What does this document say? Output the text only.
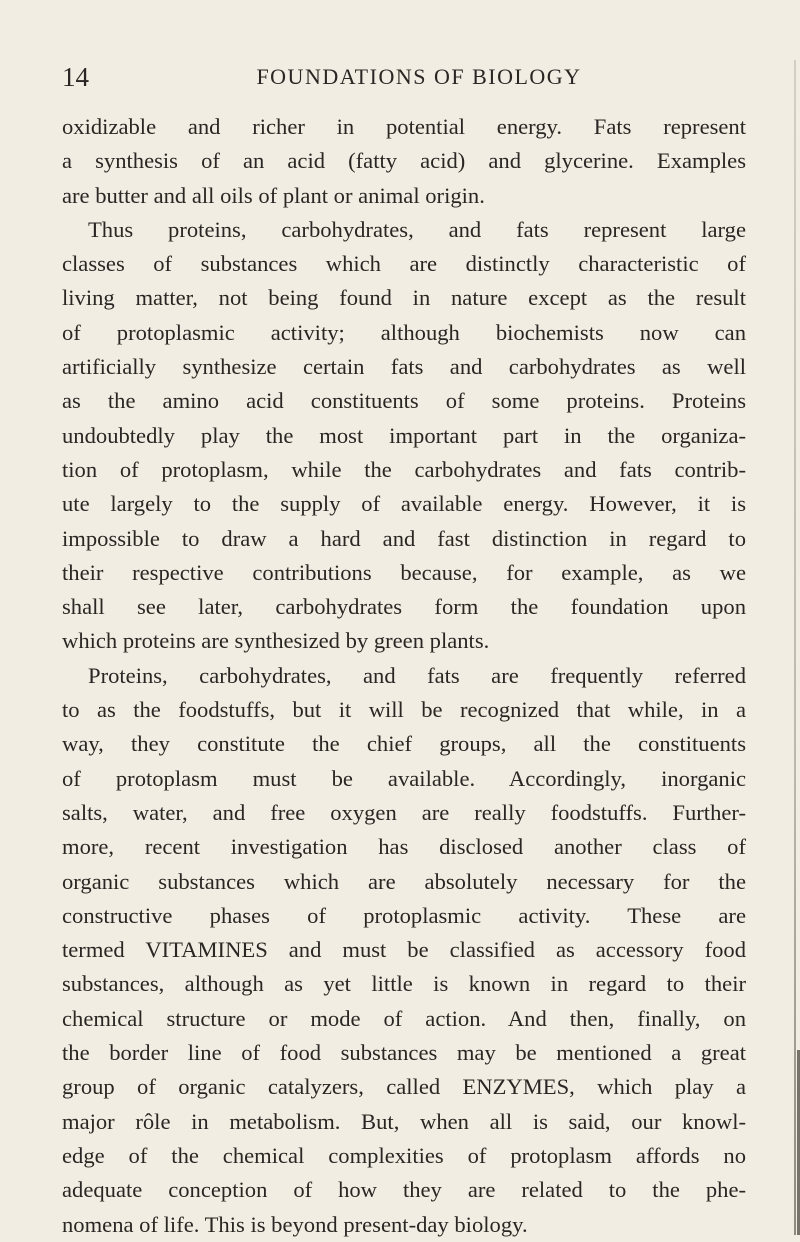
14	FOUNDATIONS OF BIOLOGY
oxidizable and richer in potential energy. Fats represent
a synthesis of an acid (fatty acid) and glycerine. Examples
are butter and all oils of plant or animal origin.
Thus proteins, carbohydrates, and fats represent large
classes of substances which are distinctly characteristic of
living matter, not being found in nature except as the result
of protoplasmic activity; although biochemists now can
artificially synthesize certain fats and carbohydrates as well
as the amino acid constituents of some proteins. Proteins
undoubtedly play the most important part in the organiza-
tion of protoplasm, while the carbohydrates and fats contrib-
ute largely to the supply of available energy. However, it is
impossible to draw a hard and fast distinction in regard to
their respective contributions because, for example, as we
shall see later, carbohydrates form the foundation upon
which proteins are synthesized by green plants.
Proteins, carbohydrates, and fats are frequently referred
to as the foodstuffs, but it will be recognized that while, in a
way, they constitute the chief groups, all the constituents
of protoplasm must be available. Accordingly, inorganic
salts, water, and free oxygen are really foodstuffs. Further-
more, recent investigation has disclosed another class of
organic substances which are absolutely necessary for the
constructive phases of protoplasmic activity. These are
termed VITAMINES and must be classified as accessory food
substances, although as yet little is known in regard to their
chemical structure or mode of action. And then, finally, on
the border line of food substances may be mentioned a great
group of organic catalyzers, called ENZYMES, which play a
major rôle in metabolism. But, when all is said, our knowl-
edge of the chemical complexities of protoplasm affords no
adequate conception of how they are related to the phe-
nomena of life. This is beyond present-day biology.
